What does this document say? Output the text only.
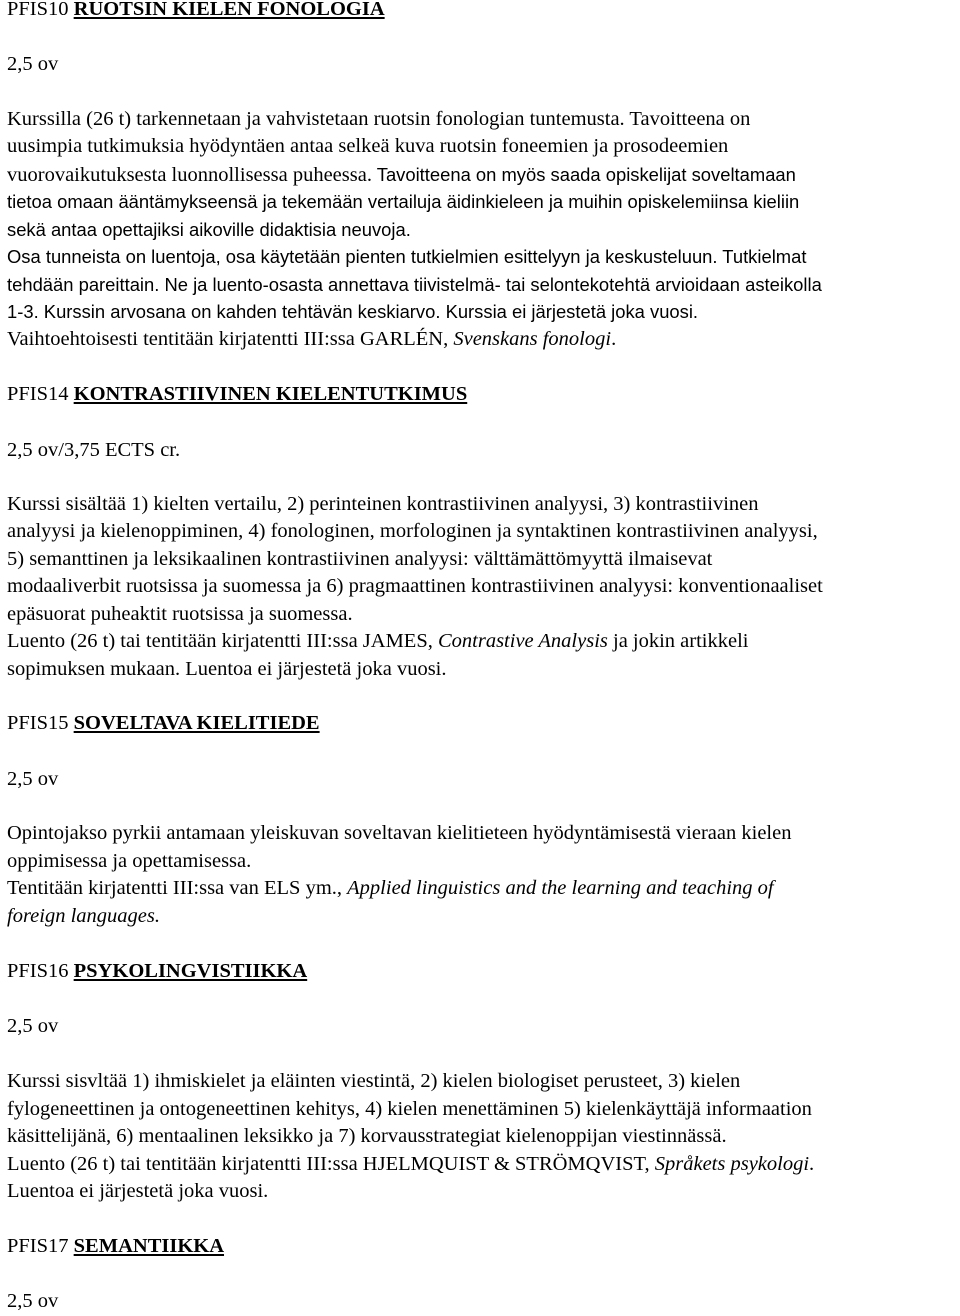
PFIS10 RUOTSIN KIELEN FONOLOGIA

2,5 ov

Kurssilla (26 t) tarkennetaan ja vahvistetaan ruotsin fonologian tuntemusta. Tavoitteena on

uusimpia tutkimuksia hyödyntäen antaa selkeä kuva ruotsin foneemien ja prosodeemien

vuorovaikutuksesta luonnollisessa puheessa. Tavoitteena on myös saada opiskelijat soveltamaan

tietoa omaan ääntämykseensä ja tekemään vertailuja äidinkieleen ja muihin opiskelemiinsa kieliin

sekä antaa opettajiksi aikoville didaktisia neuvoja.

Osa tunneista on luentoja, osa käytetään pienten tutkielmien esittelyyn ja keskusteluun. Tutkielmat

tehdään pareittain. Ne ja luento-osasta annettava tiivistelmä- tai selontekotehtä arvioidaan asteikolla

1-3. Kurssin arvosana on kahden tehtävän keskiarvo. Kurssia ei järjestetä joka vuosi.

Vaihtoehtoisesti tentitään kirjatentti III:ssa GARLÉN, Svenskans fonologi.

PFIS14 KONTRASTIIVINEN KIELENTUTKIMUS

2,5 ov/3,75 ECTS cr.

Kurssi sisältää 1) kielten vertailu, 2) perinteinen kontrastiivinen analyysi, 3) kontrastiivinen

analyysi ja kielenoppiminen, 4) fonologinen, morfologinen ja syntaktinen kontrastiivinen analyysi,

5) semanttinen ja leksikaalinen kontrastiivinen analyysi: välttämättömyyttä ilmaisevat

modaaliverbit ruotsissa ja suomessa ja 6) pragmaattinen kontrastiivinen analyysi: konventionaaliset

epäsuorat puheaktit ruotsissa ja suomessa.

Luento (26 t) tai tentitään kirjatentti III:ssa JAMES, Contrastive Analysis ja jokin artikkeli

sopimuksen mukaan. Luentoa ei järjestetä joka vuosi.

PFIS15 SOVELTAVA KIELITIEDE

2,5 ov

Opintojakso pyrkii antamaan yleiskuvan soveltavan kielitieteen hyödyntämisestä vieraan kielen

oppimisessa ja opettamisessa.

Tentitään kirjatentti III:ssa van ELS ym., Applied linguistics and the learning and teaching of

foreign languages.

PFIS16 PSYKOLINGVISTIIKKA

2,5 ov

Kurssi sisvltää 1) ihmiskielet ja eläinten viestintä, 2) kielen biologiset perusteet, 3) kielen

fylogeneettinen ja ontogeneettinen kehitys, 4) kielen menettäminen 5) kielenkäyttäjä informaation

käsittelijänä, 6) mentaalinen leksikko ja 7) korvausstrategiat kielenoppijan viestinnässä.

Luento (26 t) tai tentitään kirjatentti III:ssa HJELMQUIST & STRÖMQVIST, Språkets psykologi.

Luentoa ei järjestetä joka vuosi.

PFIS17 SEMANTIIKKA

2,5 ov
